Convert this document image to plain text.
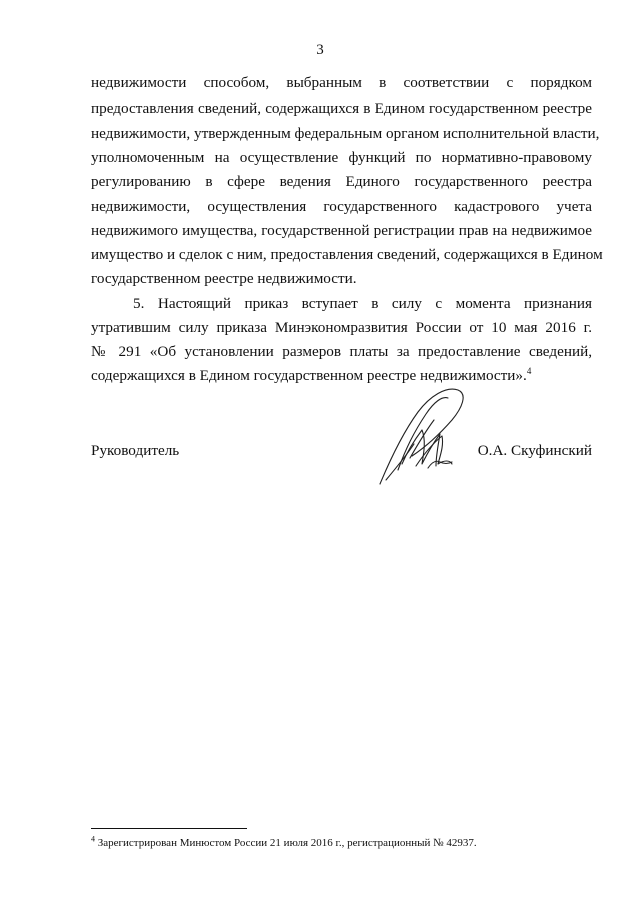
3
недвижимости способом, выбранным в соответствии с порядком
предоставления сведений, содержащихся в Едином государственном реестре
недвижимости, утвержденным федеральным органом исполнительной власти,
уполномоченным на осуществление функций по нормативно-правовому
регулированию в сфере ведения Единого государственного реестра
недвижимости, осуществления государственного кадастрового учета
недвижимого имущества, государственной регистрации прав на недвижимое
имущество и сделок с ним, предоставления сведений, содержащихся в Едином
государственном реестре недвижимости.
5. Настоящий приказ вступает в силу с момента признания
утратившим силу приказа Минэкономразвития России от 10 мая 2016 г.
№ 291 «Об установлении размеров платы за предоставление сведений,
содержащихся в Едином государственном реестре недвижимости».$^4$
Руководитель	О.А. Скуфинский
$^4$ Зарегистрирован Минюстом России 21 июля 2016 г., регистрационный № 42937.
